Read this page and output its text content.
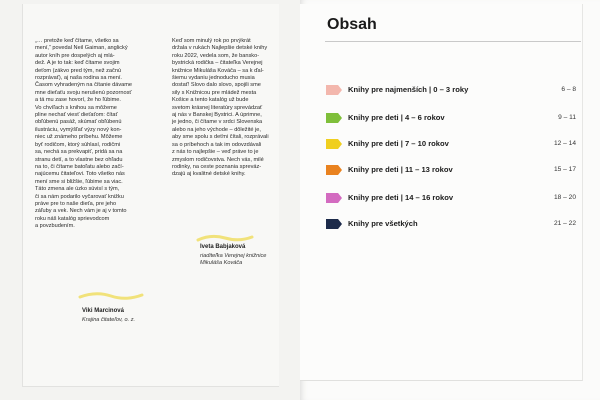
„… pretože keď čítame, všetko sa
mení,“ povedal Neil Gaiman, anglický
autor kníh pre dospelých aj mlá-
dež. A je to tak: keď čítame svojim
deťom (zákvo pred tým, než začnú
rozprávať), aj naša rodina sa mení.
Časom vyhradeným na čítanie dávame
mne dieťaťu svoju nerušenú pozornosť
a tá mu zase hovorí, že ho ľúbime.
Vo chvíľach s knihou sa môžeme
pline nechať viesť dieťaťom: čítať
obľúbenú pasáž, skúmať obľúbenú
ilustráciu, vymýšľať výzy nový kon-
niec už známeho príbehu. Môžeme
byť rodičom, ktorý súhlasí, rodičmi
sa, nechá sa prekvapiť, pridá sa na
stranu detí, a to vlastne bez ohľadu
na to, či čítame batoľatu alebo začí-
najúcemu čitateľovi. Toto všetko nás
mení sme si bližšie, ľúbime sa viac.
Táto zmena ale úzko súvisí s tým,
či sa nám podarilo vyčarovať knižku
práve pre to naše dieťa, pre jeho
záľuby a vek. Nech vám je aj v tomto
roku náš katalóg sprievodcom
a povzbudením.
Keď som minulý rok po prvýkrát
držala v rukách Najlepšie detské knihy
roku 2022, vedela som, že bansko-
bystrická rodička – čitateľka Verejnej
knižnice Mikuláša Kováča – sa k ďal-
šiemu vydaniu jednoducho musia
dostať! Slovo dalo slovo, spojili sme
sily s Knižnicou pre mládež mesta
Košice a tento katalóg už bude
svetom krásnej literatúry sprevádzať
aj nás v Banskej Bystrici. A úprimne,
je jedno, či čítame v srdci Slovenska
alebo na jeho východe – dôležité je,
aby sme spolu s deťmi čítali, rozprávali
sa o príbehoch a tak im odovzdávali
z nás to najlepšie – veď práve to je
zmyslom rodičovstva. Nech vás, milé
rodinky, na ceste poznania spreváz-
dzajú aj kvalitné detské knihy.
Iveta Babjaková
riaditeľka Verejnej knižnice
Mikuláša Kováča
Viki Marcinová
Krajina čitateľov, o. z.
Obsah
Knihy pre najmenších | 0 – 3 roky	6 – 8
Knihy pre deti | 4 – 6 rokov	9 – 11
Knihy pre deti | 7 – 10 rokov	12 – 14
Knihy pre deti | 11 – 13 rokov	15 – 17
Knihy pre deti | 14 – 16 rokov	18 – 20
Knihy pre všetkých	21 – 22
